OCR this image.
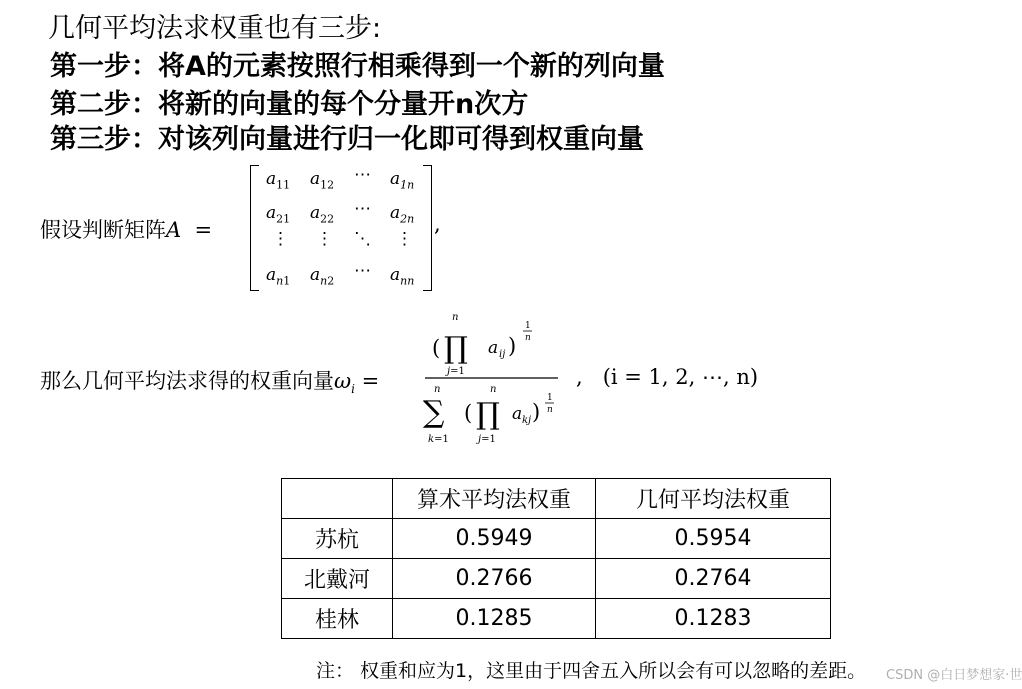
几何平均法求权重也有三步:
第一步：将A的元素按照行相乘得到一个新的列向量
第二步：将新的向量的每个分量开n次方
第三步：对该列向量进行归一化即可得到权重向量
假设判断矩阵A  =
$a_{11}$ $a_{12}$ ⋯ $a_{1n}$
$a_{21}$ $a_{22}$ ⋯ $a_{2n}$
⋮ ⋮ ⋱ ⋮
$a_{n1}$ $a_{n2}$ ⋯ $a_{nn}$
,
那么几何平均法求得的权重向量$\omega_i$ =
n
( ∏ a ij )
1
n
j=1
n
∑
n
( ∏ a kj )
1
n
k=1	j=1
,   (i = 1, 2, ⋯, n)
	算术平均法权重	几何平均法权重
苏杭	0.5949	0.5954
北戴河	0.2766	0.2764
桂林	0.1285	0.1283
注： 权重和应为1，这里由于四舍五入所以会有可以忽略的差距。 CSDN @白日梦想家·世
